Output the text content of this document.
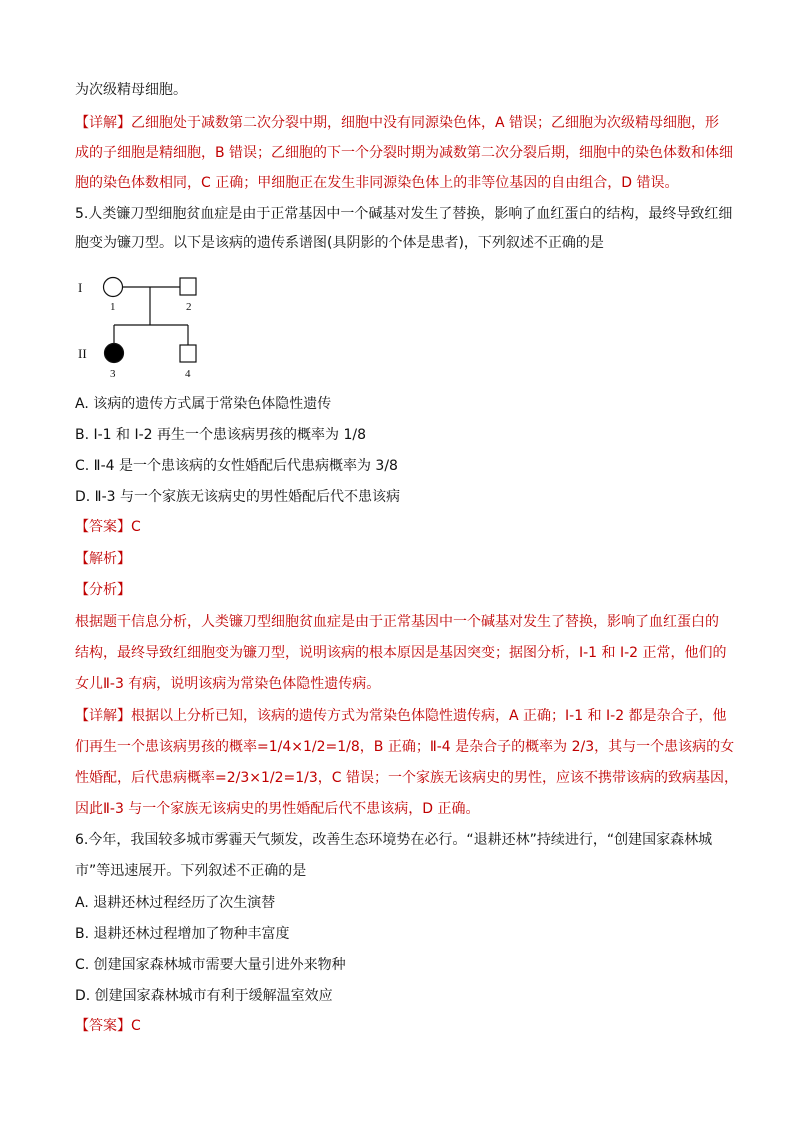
为次级精母细胞。
【详解】乙细胞处于减数第二次分裂中期，细胞中没有同源染色体，A 错误；乙细胞为次级精母细胞，形
成的子细胞是精细胞，B 错误；乙细胞的下一个分裂时期为减数第二次分裂后期，细胞中的染色体数和体细
胞的染色体数相同，C 正确；甲细胞正在发生非同源染色体上的非等位基因的自由组合，D 错误。
5.人类镰刀型细胞贫血症是由于正常基因中一个碱基对发生了替换，影响了血红蛋白的结构，最终导致红细
胞变为镰刀型。以下是该病的遗传系谱图(具阴影的个体是患者)，下列叙述不正确的是
I
II
1	2
3	4
A. 该病的遗传方式属于常染色体隐性遗传
B. I-1 和 I-2 再生一个患该病男孩的概率为 1/8
C. Ⅱ-4 是一个患该病的女性婚配后代患病概率为 3/8
D. Ⅱ-3 与一个家族无该病史的男性婚配后代不患该病
【答案】C
【解析】
【分析】
根据题干信息分析，人类镰刀型细胞贫血症是由于正常基因中一个碱基对发生了替换，影响了血红蛋白的
结构，最终导致红细胞变为镰刀型，说明该病的根本原因是基因突变；据图分析，I-1 和 I-2 正常，他们的
女儿Ⅱ-3 有病，说明该病为常染色体隐性遗传病。
【详解】根据以上分析已知，该病的遗传方式为常染色体隐性遗传病，A 正确；I-1 和 I-2 都是杂合子，他
们再生一个患该病男孩的概率=1/4×1/2=1/8，B 正确；Ⅱ-4 是杂合子的概率为 2/3，其与一个患该病的女
性婚配，后代患病概率=2/3×1/2=1/3，C 错误；一个家族无该病史的男性，应该不携带该病的致病基因，
因此Ⅱ-3 与一个家族无该病史的男性婚配后代不患该病，D 正确。
6.今年，我国较多城市雾霾天气频发，改善生态环境势在必行。“退耕还林”持续进行，“创建国家森林城
市”等迅速展开。下列叙述不正确的是
A. 退耕还林过程经历了次生演替
B. 退耕还林过程增加了物种丰富度
C. 创建国家森林城市需要大量引进外来物种
D. 创建国家森林城市有利于缓解温室效应
【答案】C
